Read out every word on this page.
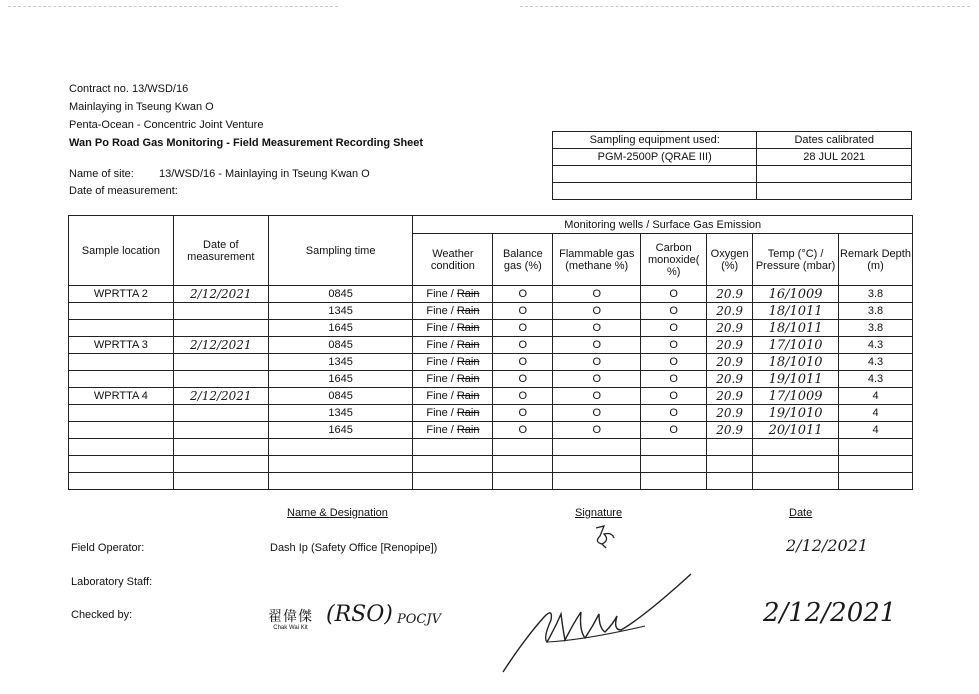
Contract no. 13/WSD/16
Mainlaying in Tseung Kwan O
Penta-Ocean - Concentric Joint Venture
Wan Po Road Gas Monitoring - Field Measurement Recording Sheet
Name of site: 13/WSD/16 - Mainlaying in Tseung Kwan O
Date of measurement:
Sampling equipment used:	Dates calibrated
PGM-2500P (QRAE III)	28 JUL 2021

Sample location	Date of measurement	Sampling time	Monitoring wells / Surface Gas Emission						
			Weather condition	Balance gas (%)	Flammable gas (methane %)	Carbon monoxide( %)	Oxygen (%)	Temp (°C) / Pressure (mbar)	Remark Depth (m)
WPRTTA 2	2/12/2021	0845	Fine / Rain	O	O	O	20.9	16/1009	3.8
		1345	Fine / Rain	O	O	O	20.9	18/1011	3.8
		1645	Fine / Rain	O	O	O	20.9	18/1011	3.8
WPRTTA 3	2/12/2021	0845	Fine / Rain	O	O	O	20.9	17/1010	4.3
		1345	Fine / Rain	O	O	O	20.9	18/1010	4.3
		1645	Fine / Rain	O	O	O	20.9	19/1011	4.3
WPRTTA 4	2/12/2021	0845	Fine / Rain	O	O	O	20.9	17/1009	4
		1345	Fine / Rain	O	O	O	20.9	19/1010	4
		1645	Fine / Rain	O	O	O	20.9	20/1011	4

Name & Designation	Signature	Date
Field Operator:	Dash Ip (Safety Office [Renopipe])	2/12/2021
Laboratory Staff:
Checked by:	翟偉傑
Chak Wai Kit
(RSO) POCJV	2/12/2021
